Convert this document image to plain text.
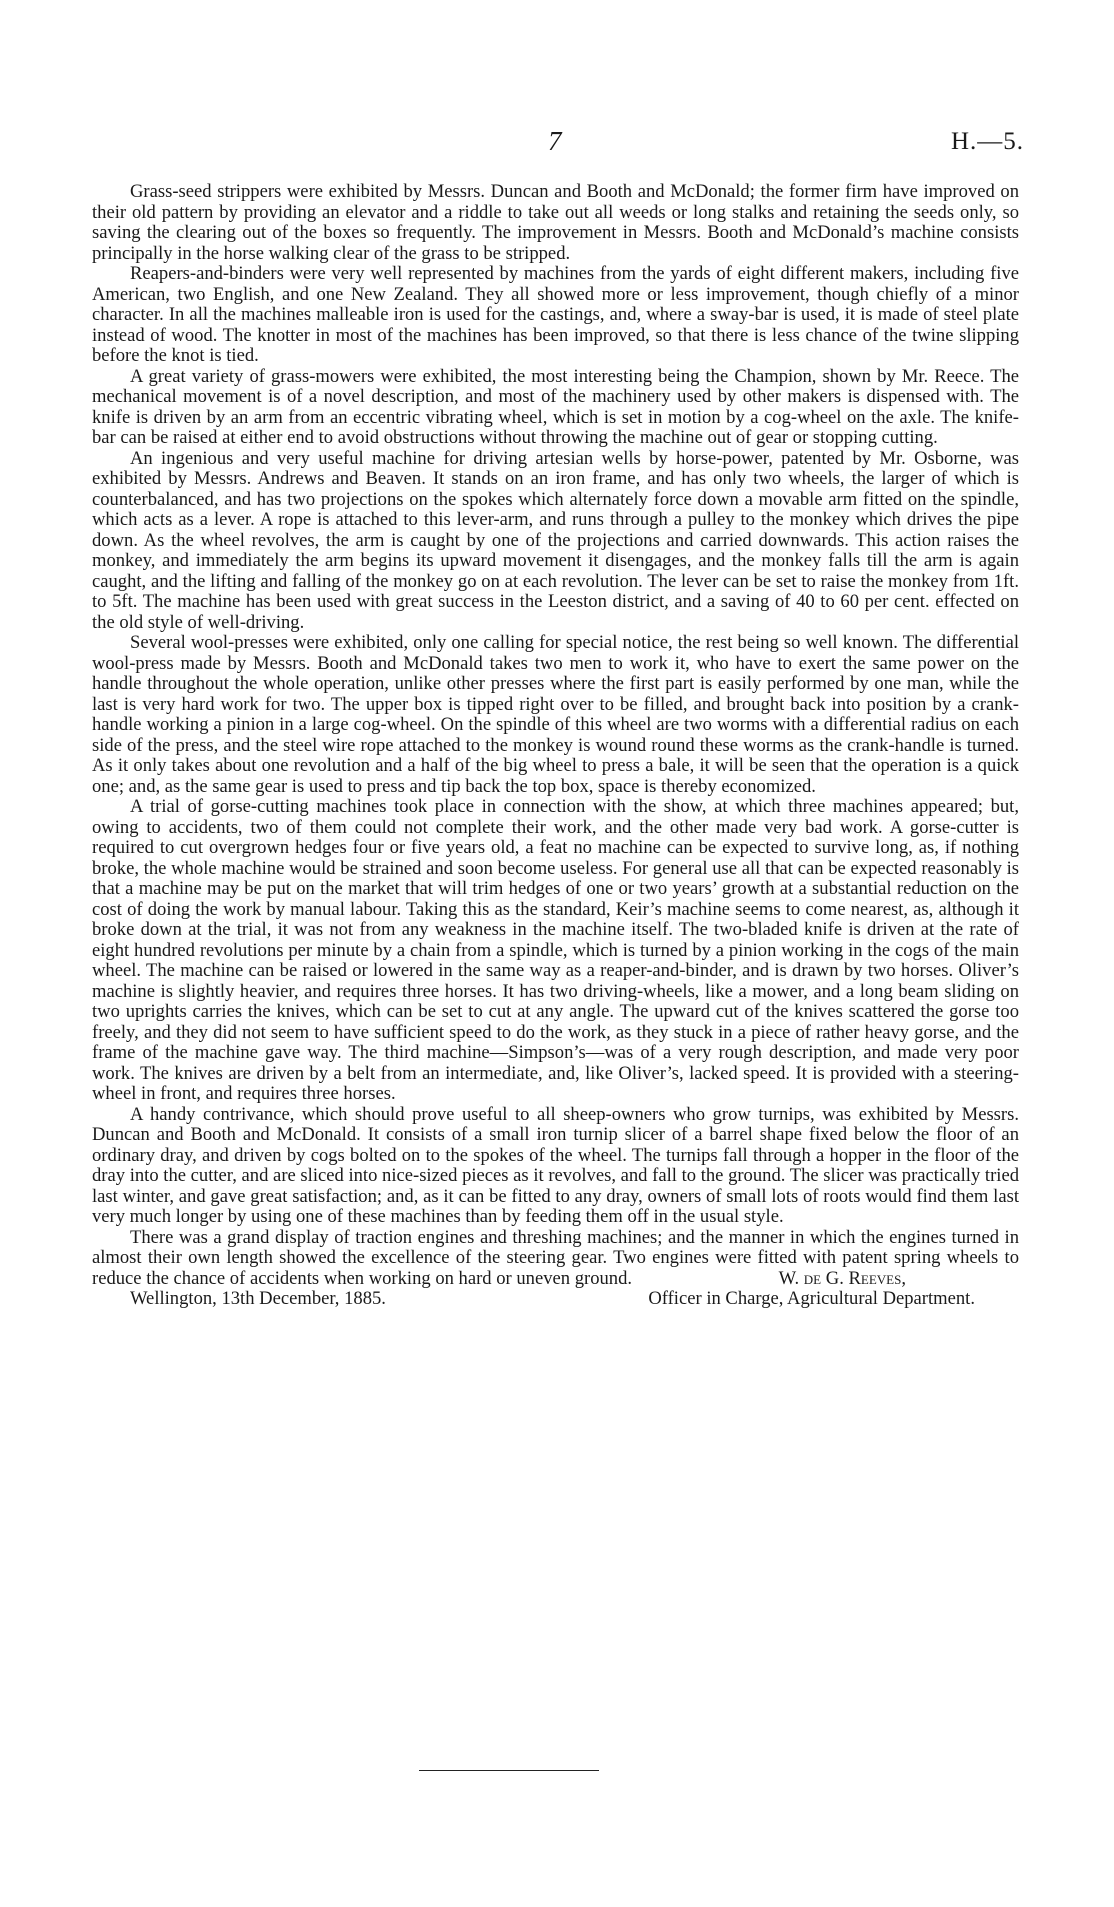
7	H.—5.

Grass-seed strippers were exhibited by Messrs. Duncan and Booth and McDonald; the former firm have improved on their old pattern by providing an elevator and a riddle to take out all weeds or long stalks and retaining the seeds only, so saving the clearing out of the boxes so frequently. The improvement in Messrs. Booth and McDonald’s machine consists principally in the horse walking clear of the grass to be stripped.

Reapers-and-binders were very well represented by machines from the yards of eight different makers, including five American, two English, and one New Zealand. They all showed more or less improvement, though chiefly of a minor character. In all the machines malleable iron is used for the castings, and, where a sway-bar is used, it is made of steel plate instead of wood. The knotter in most of the machines has been improved, so that there is less chance of the twine slipping before the knot is tied.

A great variety of grass-mowers were exhibited, the most interesting being the Champion, shown by Mr. Reece. The mechanical movement is of a novel description, and most of the machinery used by other makers is dispensed with. The knife is driven by an arm from an eccentric vibrating wheel, which is set in motion by a cog-wheel on the axle. The knife-bar can be raised at either end to avoid obstructions without throwing the machine out of gear or stopping cutting.

An ingenious and very useful machine for driving artesian wells by horse-power, patented by Mr. Osborne, was exhibited by Messrs. Andrews and Beaven. It stands on an iron frame, and has only two wheels, the larger of which is counterbalanced, and has two projections on the spokes which alternately force down a movable arm fitted on the spindle, which acts as a lever. A rope is attached to this lever-arm, and runs through a pulley to the monkey which drives the pipe down. As the wheel revolves, the arm is caught by one of the projections and carried downwards. This action raises the monkey, and immediately the arm begins its upward movement it disengages, and the monkey falls till the arm is again caught, and the lifting and falling of the monkey go on at each revolution. The lever can be set to raise the monkey from 1ft. to 5ft. The machine has been used with great success in the Leeston district, and a saving of 40 to 60 per cent. effected on the old style of well-driving.

Several wool-presses were exhibited, only one calling for special notice, the rest being so well known. The differential wool-press made by Messrs. Booth and McDonald takes two men to work it, who have to exert the same power on the handle throughout the whole operation, unlike other presses where the first part is easily performed by one man, while the last is very hard work for two. The upper box is tipped right over to be filled, and brought back into position by a crank-handle working a pinion in a large cog-wheel. On the spindle of this wheel are two worms with a differential radius on each side of the press, and the steel wire rope attached to the monkey is wound round these worms as the crank-handle is turned. As it only takes about one revolution and a half of the big wheel to press a bale, it will be seen that the operation is a quick one; and, as the same gear is used to press and tip back the top box, space is thereby economized.

A trial of gorse-cutting machines took place in connection with the show, at which three machines appeared; but, owing to accidents, two of them could not complete their work, and the other made very bad work. A gorse-cutter is required to cut overgrown hedges four or five years old, a feat no machine can be expected to survive long, as, if nothing broke, the whole machine would be strained and soon become useless. For general use all that can be expected reasonably is that a machine may be put on the market that will trim hedges of one or two years’ growth at a substantial reduction on the cost of doing the work by manual labour. Taking this as the standard, Keir’s machine seems to come nearest, as, although it broke down at the trial, it was not from any weakness in the machine itself. The two-bladed knife is driven at the rate of eight hundred revolutions per minute by a chain from a spindle, which is turned by a pinion working in the cogs of the main wheel. The machine can be raised or lowered in the same way as a reaper-and-binder, and is drawn by two horses. Oliver’s machine is slightly heavier, and requires three horses. It has two driving-wheels, like a mower, and a long beam sliding on two uprights carries the knives, which can be set to cut at any angle. The upward cut of the knives scattered the gorse too freely, and they did not seem to have sufficient speed to do the work, as they stuck in a piece of rather heavy gorse, and the frame of the machine gave way. The third machine—Simpson’s—was of a very rough description, and made very poor work. The knives are driven by a belt from an intermediate, and, like Oliver’s, lacked speed. It is provided with a steering-wheel in front, and requires three horses.

A handy contrivance, which should prove useful to all sheep-owners who grow turnips, was exhibited by Messrs. Duncan and Booth and McDonald. It consists of a small iron turnip slicer of a barrel shape fixed below the floor of an ordinary dray, and driven by cogs bolted on to the spokes of the wheel. The turnips fall through a hopper in the floor of the dray into the cutter, and are sliced into nice-sized pieces as it revolves, and fall to the ground. The slicer was practically tried last winter, and gave great satisfaction; and, as it can be fitted to any dray, owners of small lots of roots would find them last very much longer by using one of these machines than by feeding them off in the usual style.

There was a grand display of traction engines and threshing machines; and the manner in which the engines turned in almost their own length showed the excellence of the steering gear. Two engines were fitted with patent spring wheels to reduce the chance of accidents when working on hard or uneven ground.	W. de G. Reeves,

Wellington, 13th December, 1885.	Officer in Charge, Agricultural Department.
